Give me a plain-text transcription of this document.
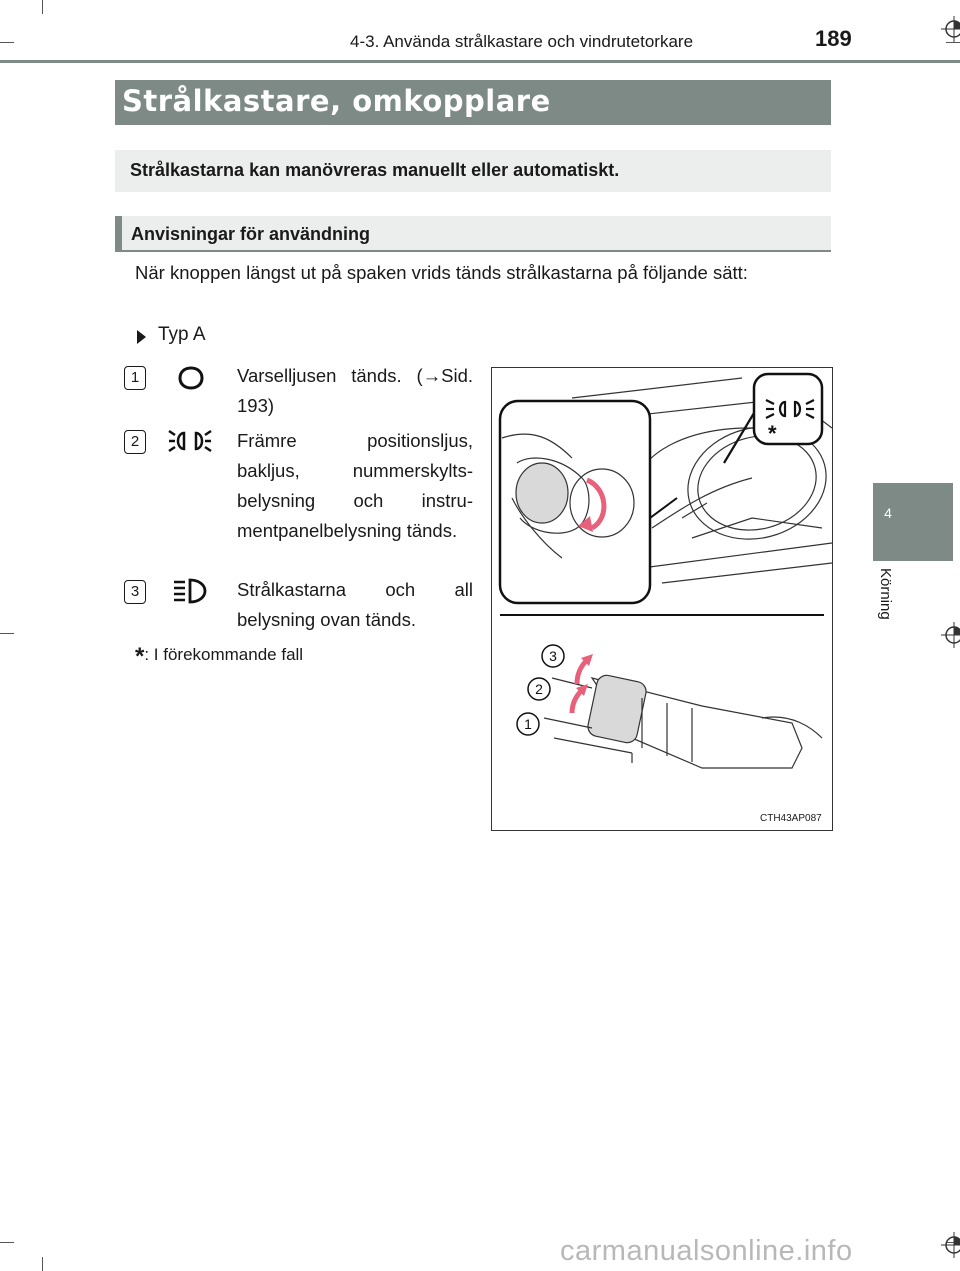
4-3. Använda strålkastare och vindrutetorkare	189
4
Körning
Strålkastare, omkopplare
Strålkastarna kan manövreras manuellt eller automatiskt.
Anvisningar för användning
När knoppen längst ut på spaken vrids tänds strålkastarna på följande sätt:
Typ A
1	Varselljusen tänds. (→Sid. 193)
2	Främre positionsljus, bakljus, nummerskylts-belysning och instru-mentpanelbelysning tänds.
3	Strålkastarna och all belysning ovan tänds.
*: I förekommande fall
*
3
2
1
CTH43AP087
carmanualsonline.info
